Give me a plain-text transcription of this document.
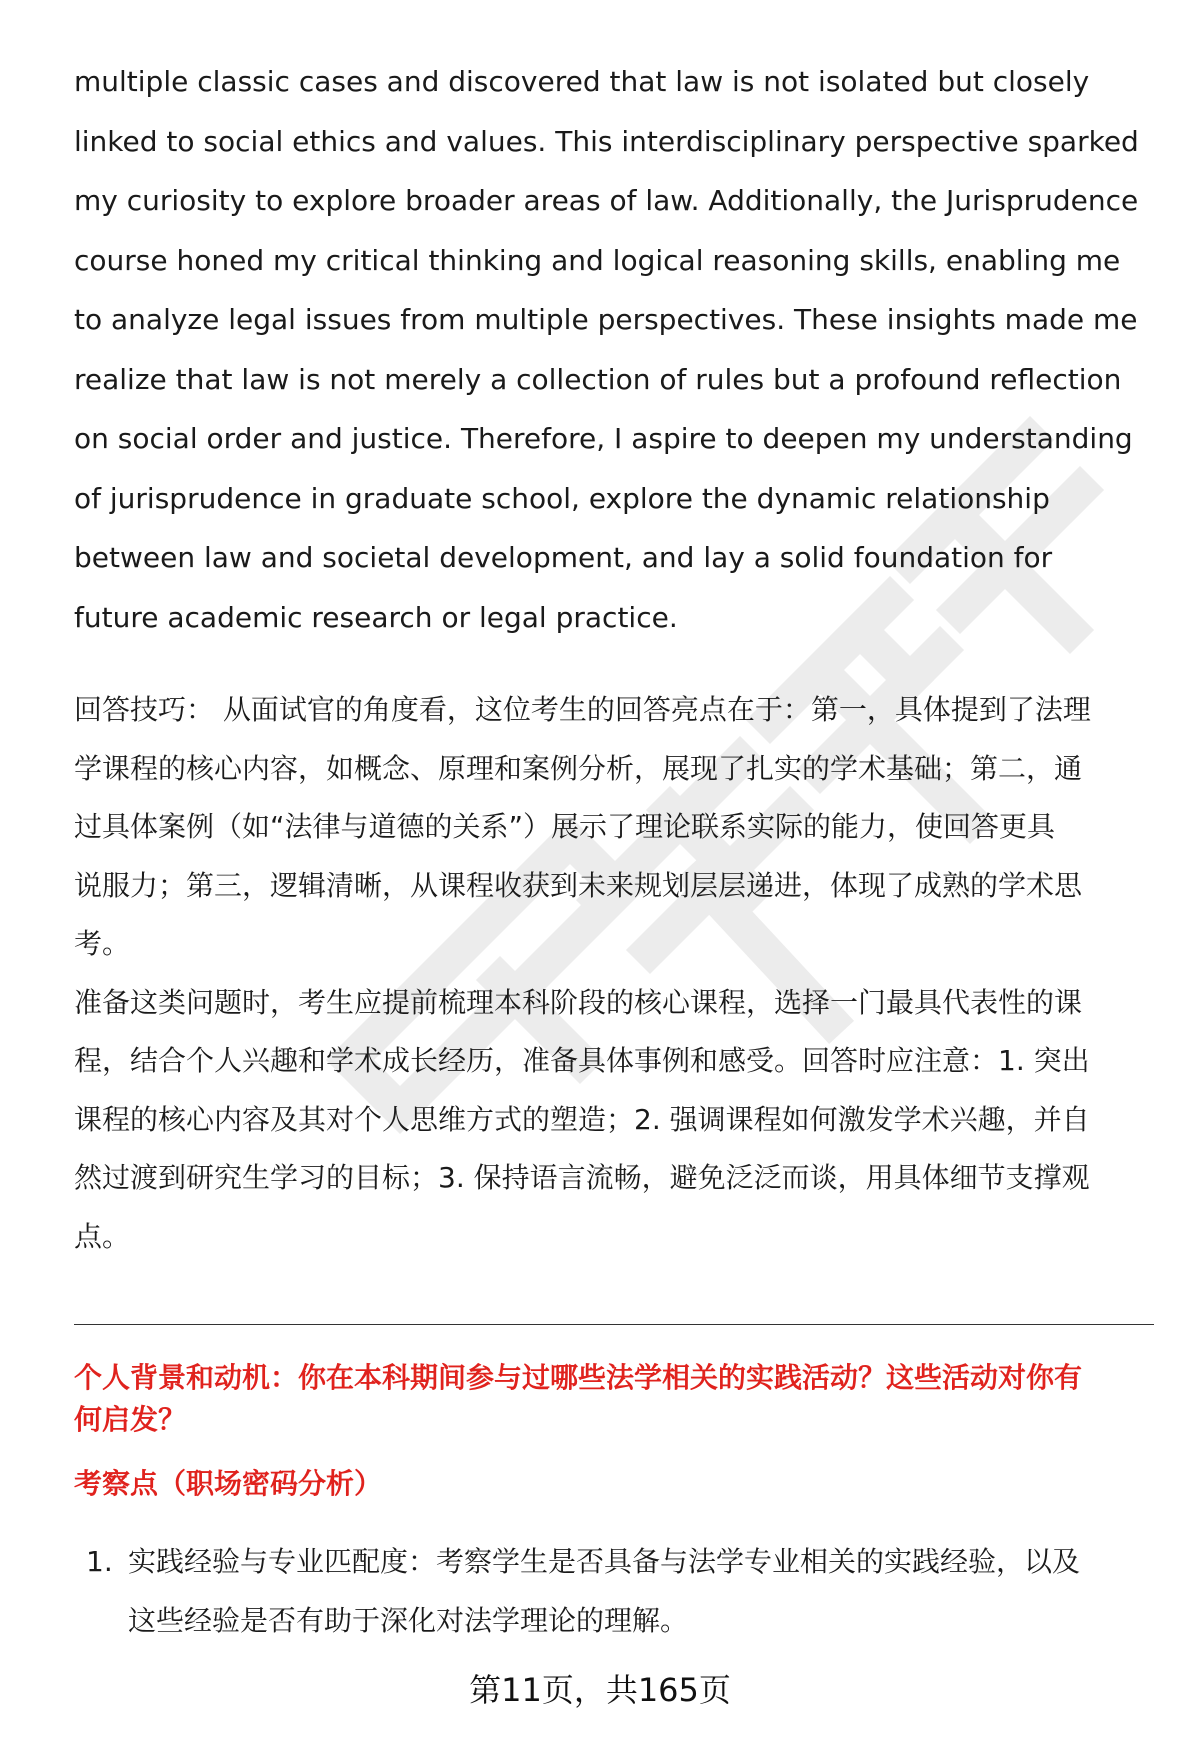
multiple classic cases and discovered that law is not isolated but closely
linked to social ethics and values. This interdisciplinary perspective sparked
my curiosity to explore broader areas of law. Additionally, the Jurisprudence
course honed my critical thinking and logical reasoning skills, enabling me
to analyze legal issues from multiple perspectives. These insights made me
realize that law is not merely a collection of rules but a profound reflection
on social order and justice. Therefore, I aspire to deepen my understanding
of jurisprudence in graduate school, explore the dynamic relationship
between law and societal development, and lay a solid foundation for
future academic research or legal practice.
回答技巧： 从面试官的角度看，这位考生的回答亮点在于：第一，具体提到了法理
学课程的核心内容，如概念、原理和案例分析，展现了扎实的学术基础；第二，通
过具体案例（如“法律与道德的关系”）展示了理论联系实际的能力，使回答更具
说服力；第三，逻辑清晰，从课程收获到未来规划层层递进，体现了成熟的学术思
考。
准备这类问题时，考生应提前梳理本科阶段的核心课程，选择一门最具代表性的课
程，结合个人兴趣和学术成长经历，准备具体事例和感受。回答时应注意：1. 突出
课程的核心内容及其对个人思维方式的塑造；2. 强调课程如何激发学术兴趣，并自
然过渡到研究生学习的目标；3. 保持语言流畅，避免泛泛而谈，用具体细节支撑观
点。
个人背景和动机：你在本科期间参与过哪些法学相关的实践活动？这些活动对你有
何启发？
考察点（职场密码分析）
1. 实践经验与专业匹配度：考察学生是否具备与法学专业相关的实践经验，以及
这些经验是否有助于深化对法学理论的理解。
第11页，共165页
